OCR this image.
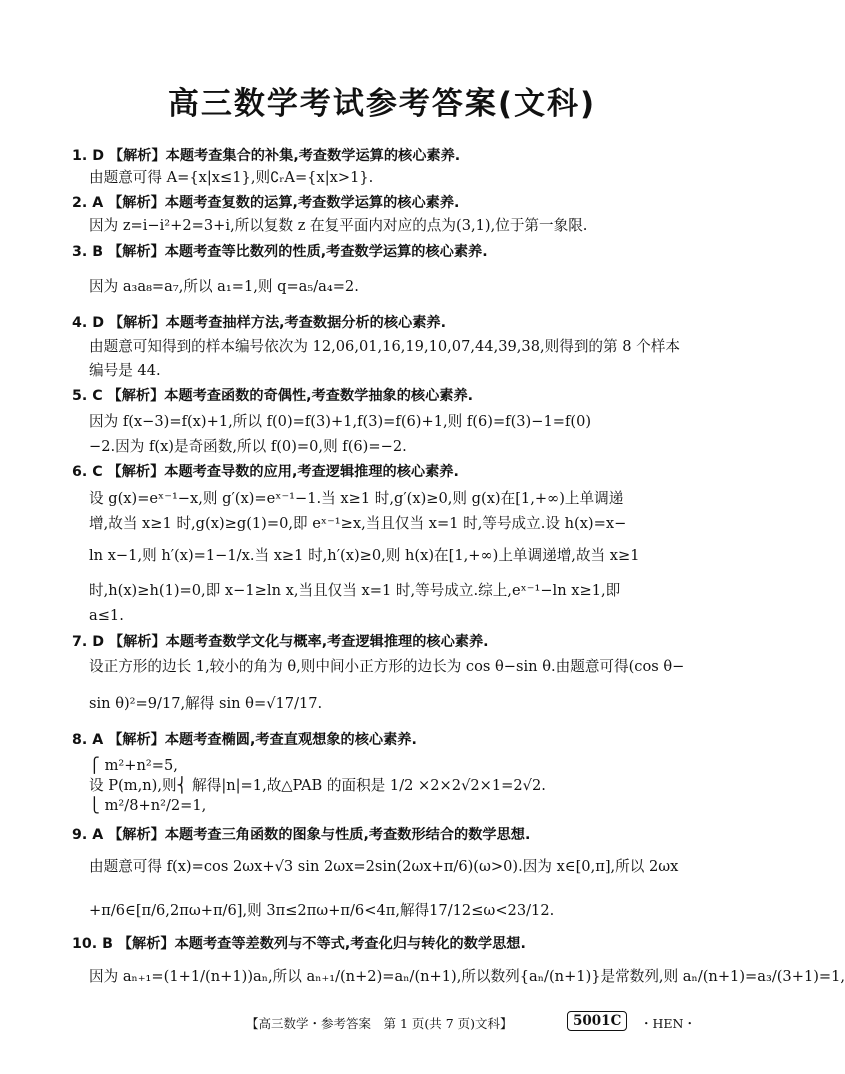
高三数学考试参考答案(文科)
1. D 【解析】本题考查集合的补集,考查数学运算的核心素养.
由题意可得 A={x|x≤1},则∁ᵣA={x|x>1}.
2. A 【解析】本题考查复数的运算,考查数学运算的核心素养.
因为 z=i−i²+2=3+i,所以复数 z 在复平面内对应的点为(3,1),位于第一象限.
3. B 【解析】本题考查等比数列的性质,考查数学运算的核心素养.
因为 a₃a₈=a₇,所以 a₁=1,则 q=a₅/a₄=2.
4. D 【解析】本题考查抽样方法,考查数据分析的核心素养.
由题意可知得到的样本编号依次为 12,06,01,16,19,10,07,44,39,38,则得到的第 8 个样本
编号是 44.
5. C 【解析】本题考查函数的奇偶性,考查数学抽象的核心素养.
因为 f(x−3)=f(x)+1,所以 f(0)=f(3)+1,f(3)=f(6)+1,则 f(6)=f(3)−1=f(0)
−2.因为 f(x)是奇函数,所以 f(0)=0,则 f(6)=−2.
6. C 【解析】本题考查导数的应用,考查逻辑推理的核心素养.
设 g(x)=eˣ⁻¹−x,则 g′(x)=eˣ⁻¹−1.当 x≥1 时,g′(x)≥0,则 g(x)在[1,+∞)上单调递
增,故当 x≥1 时,g(x)≥g(1)=0,即 eˣ⁻¹≥x,当且仅当 x=1 时,等号成立.设 h(x)=x−
ln x−1,则 h′(x)=1−1/x.当 x≥1 时,h′(x)≥0,则 h(x)在[1,+∞)上单调递增,故当 x≥1
时,h(x)≥h(1)=0,即 x−1≥ln x,当且仅当 x=1 时,等号成立.综上,eˣ⁻¹−ln x≥1,即
a≤1.
7. D 【解析】本题考查数学文化与概率,考查逻辑推理的核心素养.
设正方形的边长 1,较小的角为 θ,则中间小正方形的边长为 cos θ−sin θ.由题意可得(cos θ−
sin θ)²=9/17,解得 sin θ=√17/17.
8. A 【解析】本题考查椭圆,考查直观想象的核心素养.
⎧ m²+n²=5,
设 P(m,n),则⎨ 解得|n|=1,故△PAB 的面积是 1/2 ×2×2√2×1=2√2.
⎩ m²/8+n²/2=1,
9. A 【解析】本题考查三角函数的图象与性质,考查数形结合的数学思想.
由题意可得 f(x)=cos 2ωx+√3 sin 2ωx=2sin(2ωx+π/6)(ω>0).因为 x∈[0,π],所以 2ωx
+π/6∈[π/6,2πω+π/6],则 3π≤2πω+π/6<4π,解得17/12≤ω<23/12.
10. B 【解析】本题考查等差数列与不等式,考查化归与转化的数学思想.
因为 aₙ₊₁=(1+1/(n+1))aₙ,所以 aₙ₊₁/(n+2)=aₙ/(n+1),所以数列{aₙ/(n+1)}是常数列,则 aₙ/(n+1)=a₃/(3+1)=1,
【高三数学・参考答案　第 1 页(共 7 页)文科】	5001C	・HEN・
